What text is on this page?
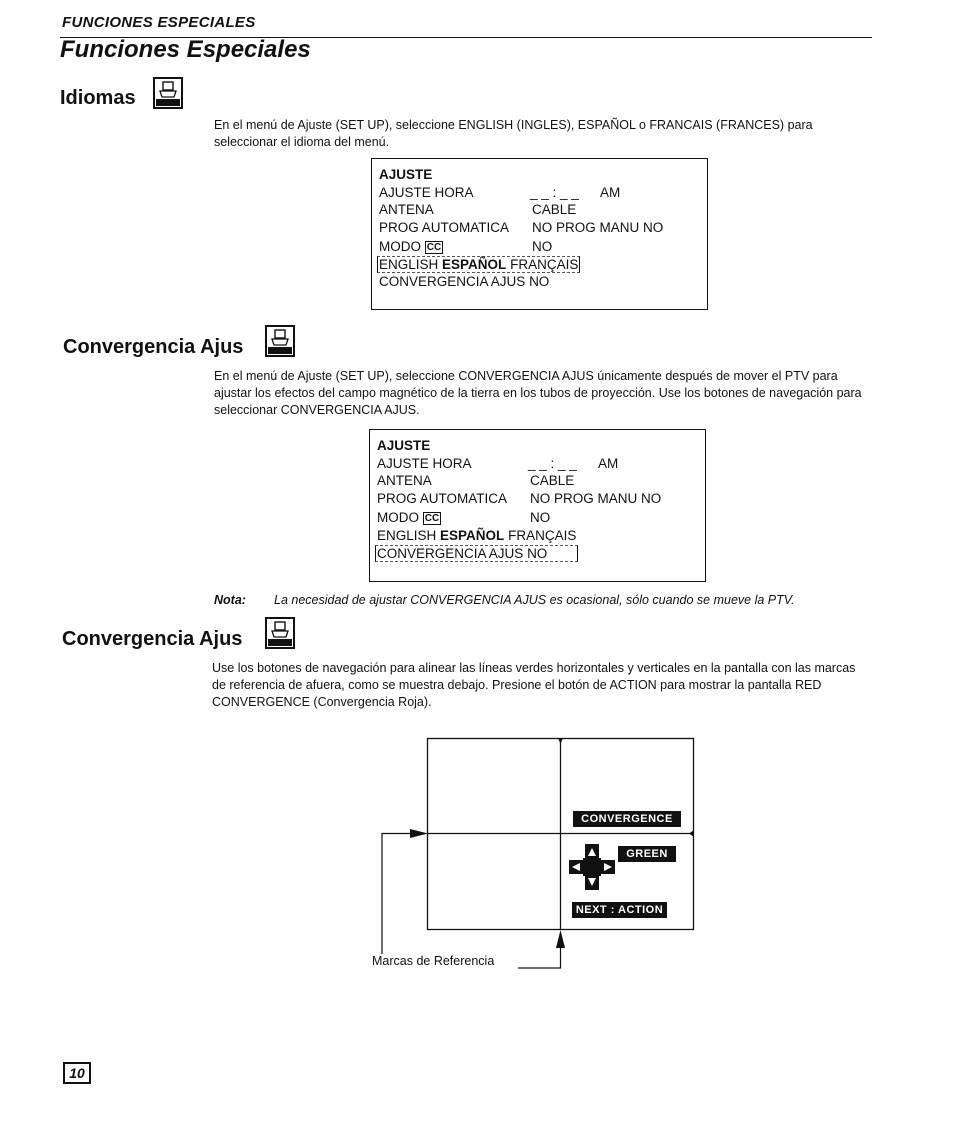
FUNCIONES ESPECIALES
Funciones Especiales
Idiomas
En el menú de Ajuste (SET UP), seleccione ENGLISH (INGLES), ESPAÑOL o FRANCAIS (FRANCES) para seleccionar el idioma del menú.
AJUSTE
AJUSTE HORA	_ _ : _ _ AM
ANTENA	CABLE
PROG AUTOMATICA NO PROG MANU NO
MODO CC	NO
ENGLISH ESPAÑOL FRANÇAIS
CONVERGENCIA AJUS NO
Convergencia Ajus
En el menú de Ajuste (SET UP), seleccione CONVERGENCIA AJUS únicamente después de mover el PTV para ajustar los efectos del campo magnético de la tierra en los tubos de proyección. Use los botones de navegación para seleccionar CONVERGENCIA AJUS.
AJUSTE
AJUSTE HORA	_ _ : _ _ AM
ANTENA	CABLE
PROG AUTOMATICA NO PROG MANU NO
MODO CC	NO
ENGLISH ESPAÑOL FRANÇAIS
CONVERGENCIA AJUS NO
Nota: La necesidad de ajustar CONVERGENCIA AJUS es ocasional, sólo cuando se mueve la PTV.
Convergencia Ajus
Use los botones de navegación para alinear las líneas verdes horizontales y verticales en la pantalla con las marcas de referencia de afuera, como se muestra debajo. Presione el botón de ACTION para mostrar la pantalla RED CONVERGENCE (Convergencia Roja).
CONVERGENCE
GREEN
NEXT : ACTION
Marcas de Referencia
10
